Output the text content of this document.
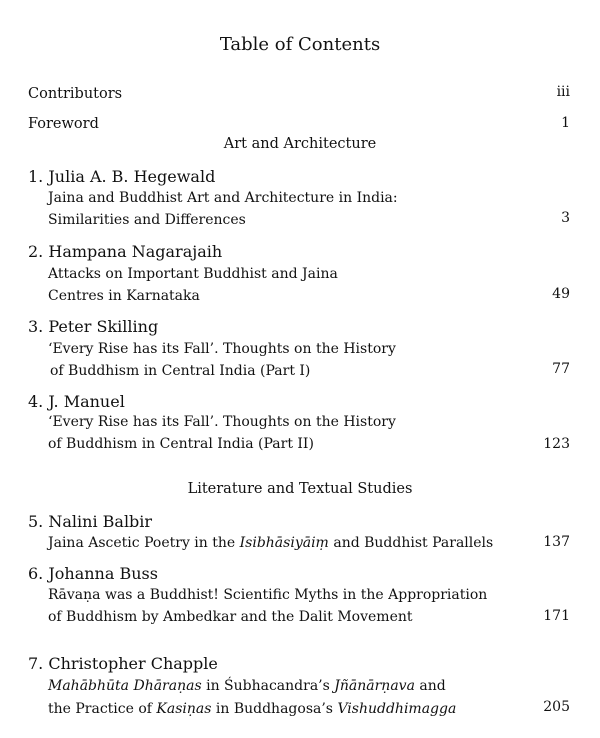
Table of Contents
Contributors	iii
Foreword	1
Art and Architecture
1. Julia A. B. Hegewald
Jaina and Buddhist Art and Architecture in India:
Similarities and Differences	3
2. Hampana Nagarajaih
Attacks on Important Buddhist and Jaina
Centres in Karnataka	49
3. Peter Skilling
‘Every Rise has its Fall’. Thoughts on the History
of Buddhism in Central India (Part I)	77
4. J. Manuel
‘Every Rise has its Fall’. Thoughts on the History
of Buddhism in Central India (Part II)	123
Literature and Textual Studies
5. Nalini Balbir
Jaina Ascetic Poetry in the Isibhāsiyāiṃ and Buddhist Parallels	137
6. Johanna Buss
Rāvaṇa was a Buddhist! Scientific Myths in the Appropriation
of Buddhism by Ambedkar and the Dalit Movement	171
7. Christopher Chapple
Mahābhūta Dhāraṇas in Śubhacandra’s Jñānārṇava and
the Practice of Kasiṇas in Buddhagosa’s Vishuddhimagga	205
